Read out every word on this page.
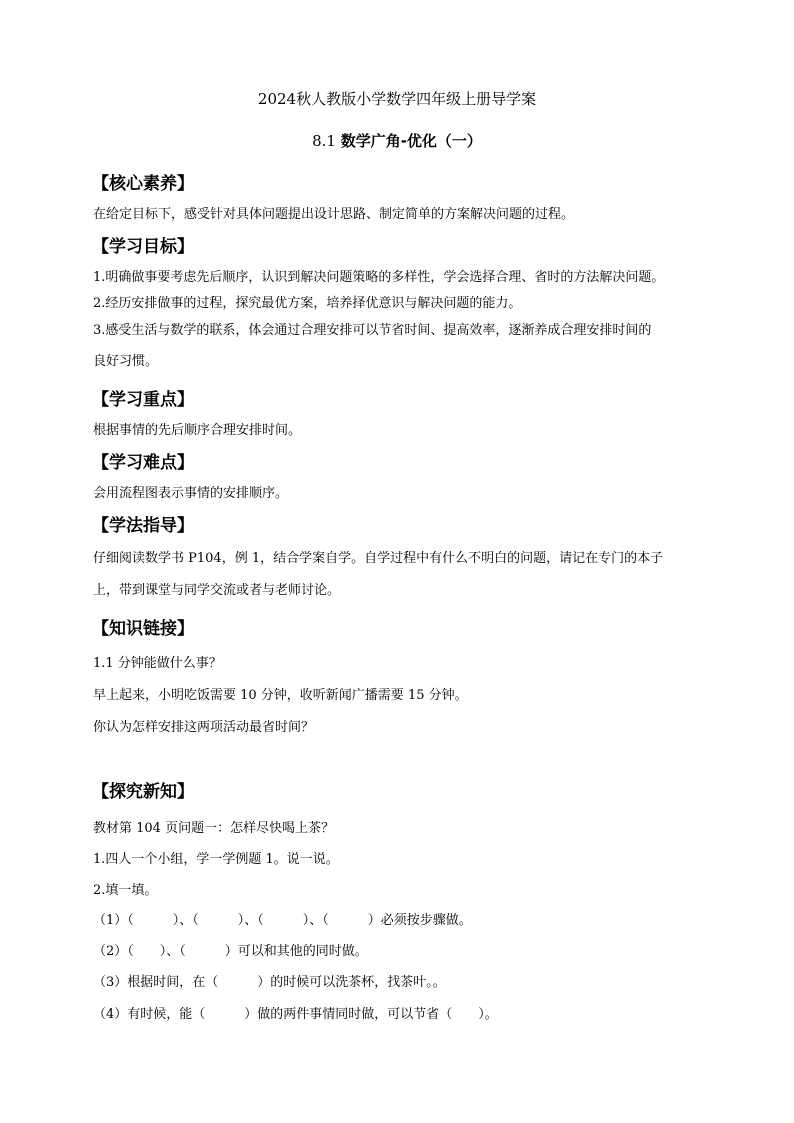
2024秋人教版小学数学四年级上册导学案
8.1 数学广角-优化（一）
【核心素养】
在给定目标下，感受针对具体问题提出设计思路、制定简单的方案解决问题的过程。
【学习目标】
1.明确做事要考虑先后顺序，认识到解决问题策略的多样性，学会选择合理、省时的方法解决问题。
2.经历安排做事的过程，探究最优方案，培养择优意识与解决问题的能力。
3.感受生活与数学的联系，体会通过合理安排可以节省时间、提高效率，逐渐养成合理安排时间的
良好习惯。
【学习重点】
根据事情的先后顺序合理安排时间。
【学习难点】
会用流程图表示事情的安排顺序。
【学法指导】
仔细阅读数学书 P104，例 1，结合学案自学。自学过程中有什么不明白的问题，请记在专门的本子
上，带到课堂与同学交流或者与老师讨论。
【知识链接】
1.1 分钟能做什么事？
早上起来，小明吃饭需要 10 分钟，收听新闻广播需要 15 分钟。
你认为怎样安排这两项活动最省时间？
【探究新知】
教材第 104 页问题一：怎样尽快喝上茶？
1.四人一个小组，学一学例题 1。说一说。
2.填一填。
（1）（　　　）、（　　　）、（　　　）、（　　　）必须按步骤做。
（2）（　　）、（　　　）可以和其他的同时做。
（3）根据时间，在（　　　）的时候可以洗茶杯，找茶叶。。
（4）有时候，能（　　　）做的两件事情同时做，可以节省（　　）。
